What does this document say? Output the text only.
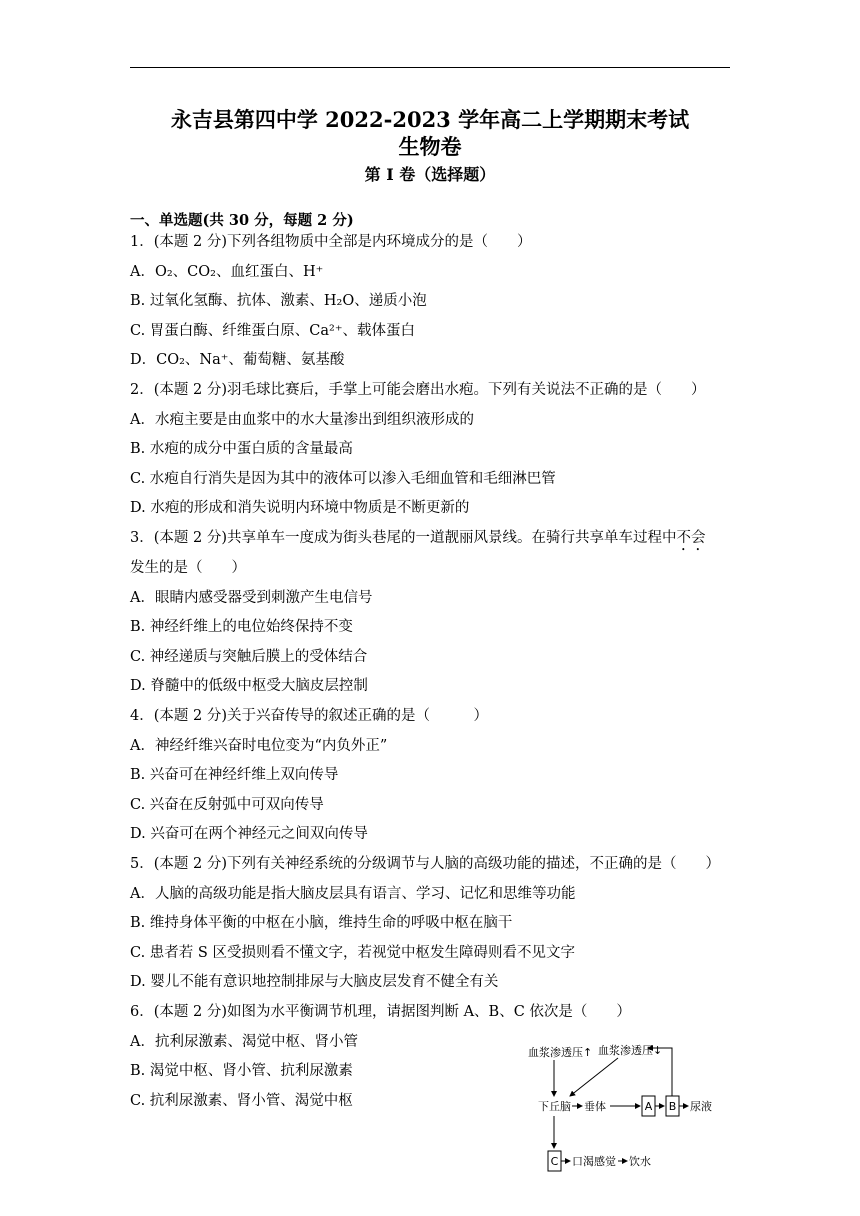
永吉县第四中学 2022-2023 学年高二上学期期末考试
生物卷
第 I 卷（选择题）
一、单选题(共 30 分，每题 2 分)
1．(本题 2 分)下列各组物质中全部是内环境成分的是（　　）
A．O₂、CO₂、血红蛋白、H⁺
B. 过氧化氢酶、抗体、激素、H₂O、递质小泡
C. 胃蛋白酶、纤维蛋白原、Ca²⁺、载体蛋白
D．CO₂、Na⁺、葡萄糖、氨基酸
2．(本题 2 分)羽毛球比赛后，手掌上可能会磨出水疱。下列有关说法不正确的是（　　）
A．水疱主要是由血浆中的水大量渗出到组织液形成的
B. 水疱的成分中蛋白质的含量最高
C. 水疱自行消失是因为其中的液体可以渗入毛细血管和毛细淋巴管
D. 水疱的形成和消失说明内环境中物质是不断更新的
3．(本题 2 分)共享单车一度成为街头巷尾的一道靓丽风景线。在骑行共享单车过程中不会
发生的是（　　）
A．眼睛内感受器受到刺激产生电信号
B. 神经纤维上的电位始终保持不变
C. 神经递质与突触后膜上的受体结合
D. 脊髓中的低级中枢受大脑皮层控制
4．(本题 2 分)关于兴奋传导的叙述正确的是（　　　）
A．神经纤维兴奋时电位变为“内负外正”
B. 兴奋可在神经纤维上双向传导
C. 兴奋在反射弧中可双向传导
D. 兴奋可在两个神经元之间双向传导
5．(本题 2 分)下列有关神经系统的分级调节与人脑的高级功能的描述，不正确的是（　　）
A．人脑的高级功能是指大脑皮层具有语言、学习、记忆和思维等功能
B. 维持身体平衡的中枢在小脑，维持生命的呼吸中枢在脑干
C. 患者若 S 区受损则看不懂文字，若视觉中枢发生障碍则看不见文字
D. 婴儿不能有意识地控制排尿与大脑皮层发育不健全有关
6．(本题 2 分)如图为水平衡调节机理，请据图判断 A、B、C 依次是（　　）
A．抗利尿激素、渴觉中枢、肾小管
B. 渴觉中枢、肾小管、抗利尿激素
C. 抗利尿激素、肾小管、渴觉中枢
血浆渗透压↑ 血浆渗透压↓
下丘脑 垂体	A B 尿液
C 口渴感觉 饮水
